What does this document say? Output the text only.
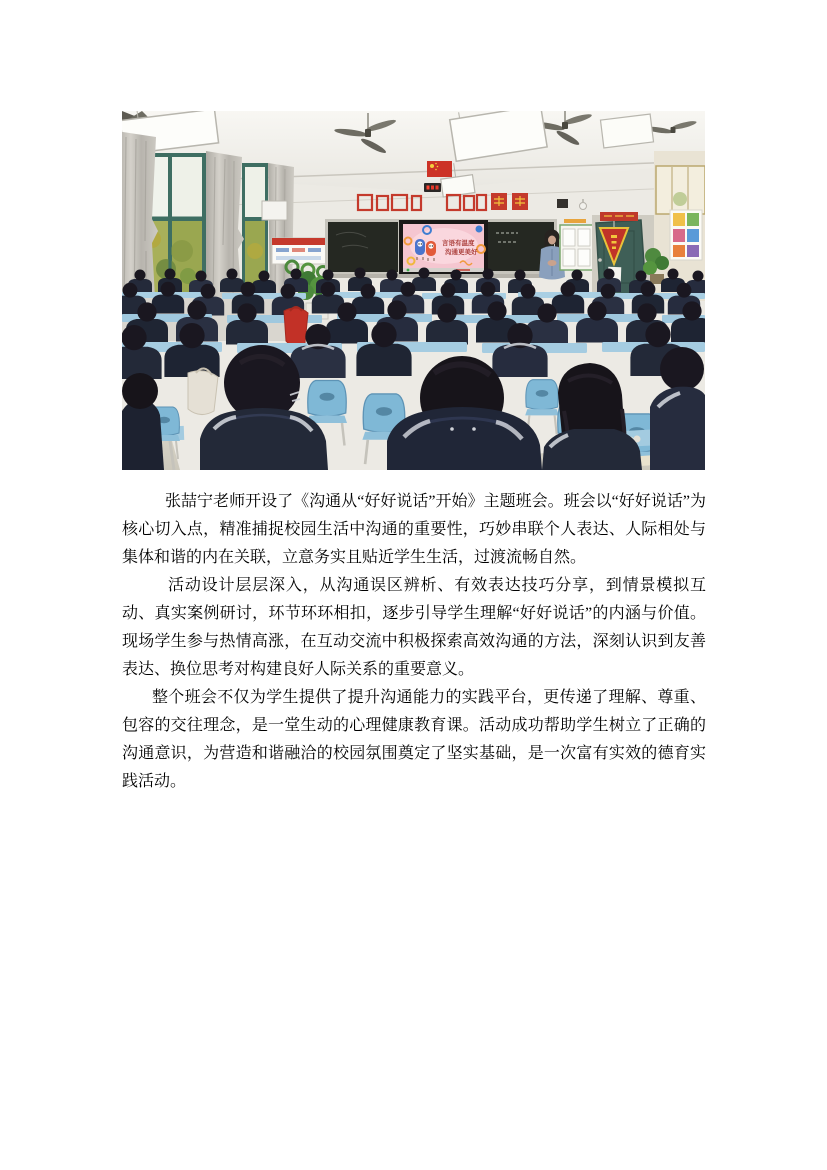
言语有温度
沟通更美好

张喆宁老师开设了《沟通从“好好说话”开始》主题班会。班会以“好好说话”为核心切入点，精准捕捉校园生活中沟通的重要性，巧妙串联个人表达、人际相处与集体和谐的内在关联，立意务实且贴近学生生活，过渡流畅自然。

活动设计层层深入，从沟通误区辨析、有效表达技巧分享，到情景模拟互动、真实案例研讨，环节环环相扣，逐步引导学生理解“好好说话”的内涵与价值。现场学生参与热情高涨，在互动交流中积极探索高效沟通的方法，深刻认识到友善表达、换位思考对构建良好人际关系的重要意义。

整个班会不仅为学生提供了提升沟通能力的实践平台，更传递了理解、尊重、包容的交往理念，是一堂生动的心理健康教育课。活动成功帮助学生树立了正确的沟通意识，为营造和谐融洽的校园氛围奠定了坚实基础，是一次富有实效的德育实践活动。
